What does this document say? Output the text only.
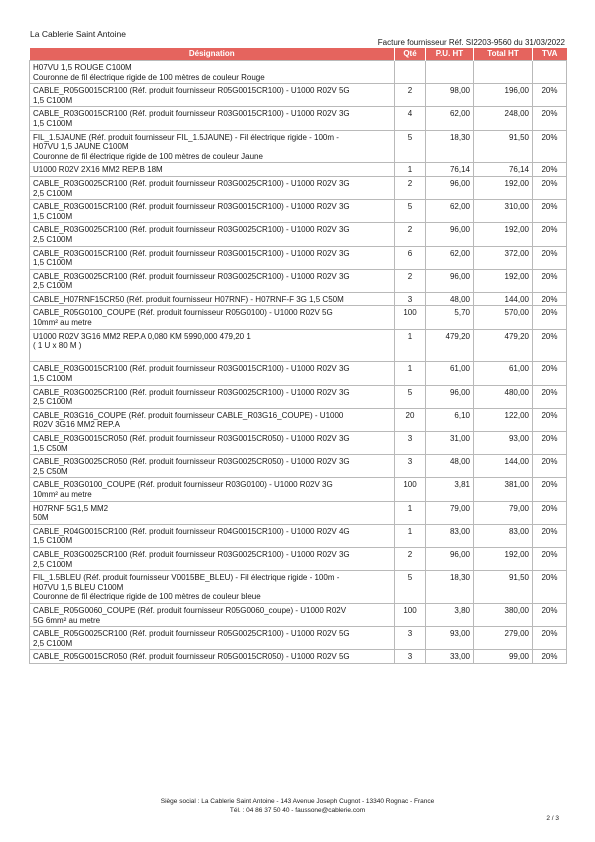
La Cablerie Saint Antoine
Facture fournisseur Réf. SI2203-9560 du 31/03/2022
Désignation	Qté	P.U. HT	Total HT	TVA

H07VU 1,5 ROUGE C100M
Couronne de fil électrique rigide de 100 mètres de couleur Rouge				

CABLE_R05G0015CR100 (Réf. produit fournisseur R05G0015CR100) - U1000 R02V 5G
1,5 C100M	2	98,00	196,00	20%

CABLE_R03G0015CR100 (Réf. produit fournisseur R03G0015CR100) - U1000 R02V 3G
1,5 C100M	4	62,00	248,00	20%

FIL_1.5JAUNE (Réf. produit fournisseur FIL_1.5JAUNE) - Fil électrique rigide - 100m -
H07VU 1,5 JAUNE C100M
Couronne de fil électrique rigide de 100 mètres de couleur Jaune	5	18,30	91,50	20%

U1000 R02V 2X16 MM2 REP.B 18M	1	76,14	76,14	20%

CABLE_R03G0025CR100 (Réf. produit fournisseur R03G0025CR100) - U1000 R02V 3G
2,5 C100M	2	96,00	192,00	20%

CABLE_R03G0015CR100 (Réf. produit fournisseur R03G0015CR100) - U1000 R02V 3G
1,5 C100M	5	62,00	310,00	20%

CABLE_R03G0025CR100 (Réf. produit fournisseur R03G0025CR100) - U1000 R02V 3G
2,5 C100M	2	96,00	192,00	20%

CABLE_R03G0015CR100 (Réf. produit fournisseur R03G0015CR100) - U1000 R02V 3G
1,5 C100M	6	62,00	372,00	20%

CABLE_R03G0025CR100 (Réf. produit fournisseur R03G0025CR100) - U1000 R02V 3G
2,5 C100M	2	96,00	192,00	20%

CABLE_H07RNF15CR50 (Réf. produit fournisseur H07RNF) - H07RNF-F 3G 1,5 C50M	3	48,00	144,00	20%

CABLE_R05G0100_COUPE (Réf. produit fournisseur R05G0100) - U1000 R02V 5G
10mm² au metre	100	5,70	570,00	20%

U1000 R02V 3G16 MM2 REP.A 0,080 KM 5990,000 479,20 1
( 1 U x 80 M )	1	479,20	479,20	20%

CABLE_R03G0015CR100 (Réf. produit fournisseur R03G0015CR100) - U1000 R02V 3G
1,5 C100M	1	61,00	61,00	20%

CABLE_R03G0025CR100 (Réf. produit fournisseur R03G0025CR100) - U1000 R02V 3G
2,5 C100M	5	96,00	480,00	20%

CABLE_R03G16_COUPE (Réf. produit fournisseur CABLE_R03G16_COUPE) - U1000
R02V 3G16 MM2 REP.A	20	6,10	122,00	20%

CABLE_R03G0015CR050 (Réf. produit fournisseur R03G0015CR050) - U1000 R02V 3G
1,5 C50M	3	31,00	93,00	20%

CABLE_R03G0025CR050 (Réf. produit fournisseur R03G0025CR050) - U1000 R02V 3G
2,5 C50M	3	48,00	144,00	20%

CABLE_R03G0100_COUPE (Réf. produit fournisseur R03G0100) - U1000 R02V 3G
10mm² au metre	100	3,81	381,00	20%

H07RNF 5G1,5 MM2
50M	1	79,00	79,00	20%

CABLE_R04G0015CR100 (Réf. produit fournisseur R04G0015CR100) - U1000 R02V 4G
1,5 C100M	1	83,00	83,00	20%

CABLE_R03G0025CR100 (Réf. produit fournisseur R03G0025CR100) - U1000 R02V 3G
2,5 C100M	2	96,00	192,00	20%

FIL_1.5BLEU (Réf. produit fournisseur V0015BE_BLEU) - Fil électrique rigide - 100m -
H07VU 1,5 BLEU C100M
Couronne de fil électrique rigide de 100 mètres de couleur bleue	5	18,30	91,50	20%

CABLE_R05G0060_COUPE (Réf. produit fournisseur R05G0060_coupe) - U1000 R02V
5G 6mm² au metre	100	3,80	380,00	20%

CABLE_R05G0025CR100 (Réf. produit fournisseur R05G0025CR100) - U1000 R02V 5G
2,5 C100M	3	93,00	279,00	20%

CABLE_R05G0015CR050 (Réf. produit fournisseur R05G0015CR050) - U1000 R02V 5G	3	33,00	99,00	20%
Siège social : La Cablerie Saint Antoine - 143 Avenue Joseph Cugnot - 13340 Rognac - France
Tél. : 04 86 37 50 40 - faussone@cablerie.com
2 / 3
